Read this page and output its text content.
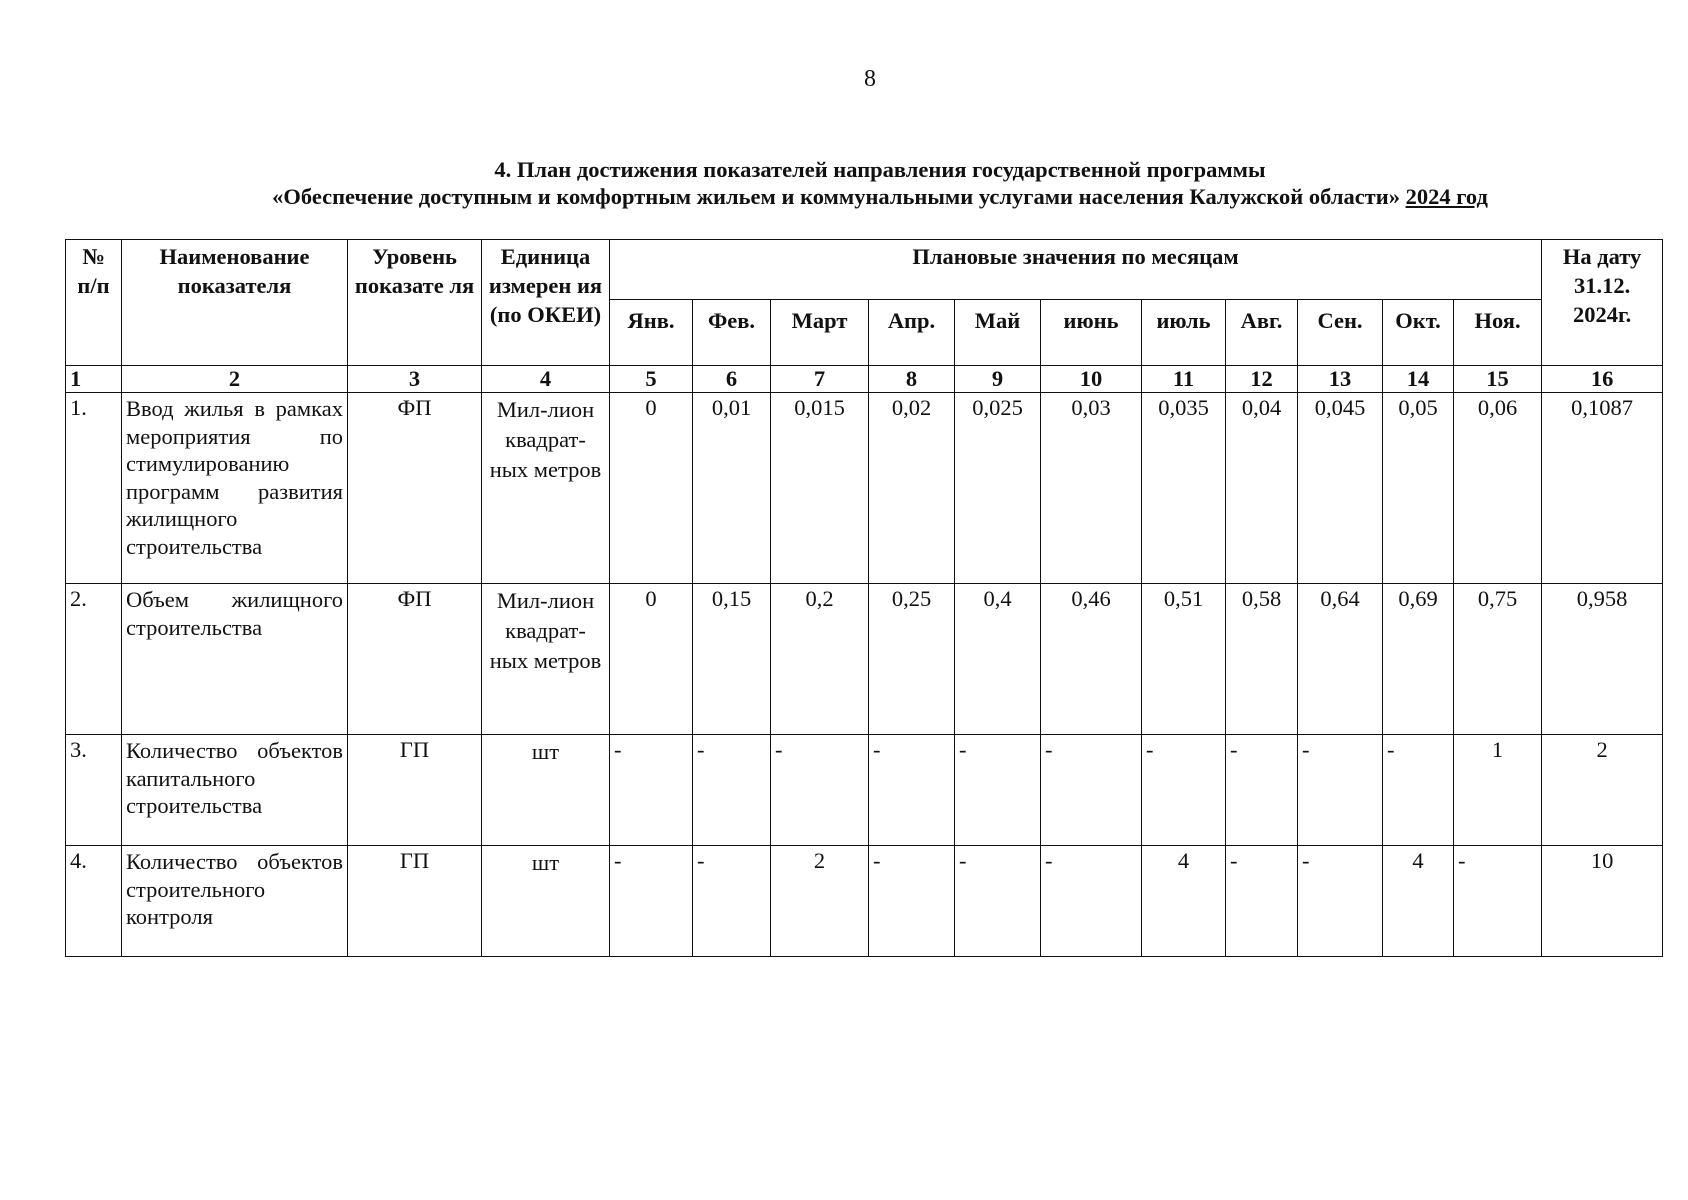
8
4. План достижения показателей направления государственной программы
«Обеспечение доступным и комфортным жильем и коммунальными услугами населения Калужской области» 2024 год
№ п/п	Наименование показателя	Уровень показате ля	Единица измерен ия (по ОКЕИ)	Плановые значения по месяцам											На дату 31.12. 2024г.
				Янв.	Фев.	Март	Апр.	Май	июнь	июль	Авг.	Сен.	Окт.	Ноя.	
1	2	3	4	5	6	7	8	9	10	11	12	13	14	15	16
1.	Ввод жилья в рамках мероприятия по стимулированию программ развития жилищного строительства	ФП	Мил-лион квадрат-ных метров	0	0,01	0,015	0,02	0,025	0,03	0,035	0,04	0,045	0,05	0,06	0,1087
2.	Объем жилищного строительства	ФП	Мил-лион квадрат-ных метров	0	0,15	0,2	0,25	0,4	0,46	0,51	0,58	0,64	0,69	0,75	0,958
3.	Количество объектов капитального строительства	ГП	шт	-	-	-	-	-	-	-	-	-	-	1	2
4.	Количество объектов строительного контроля	ГП	шт	-	-	2	-	-	-	4	-	-	4	-	10
